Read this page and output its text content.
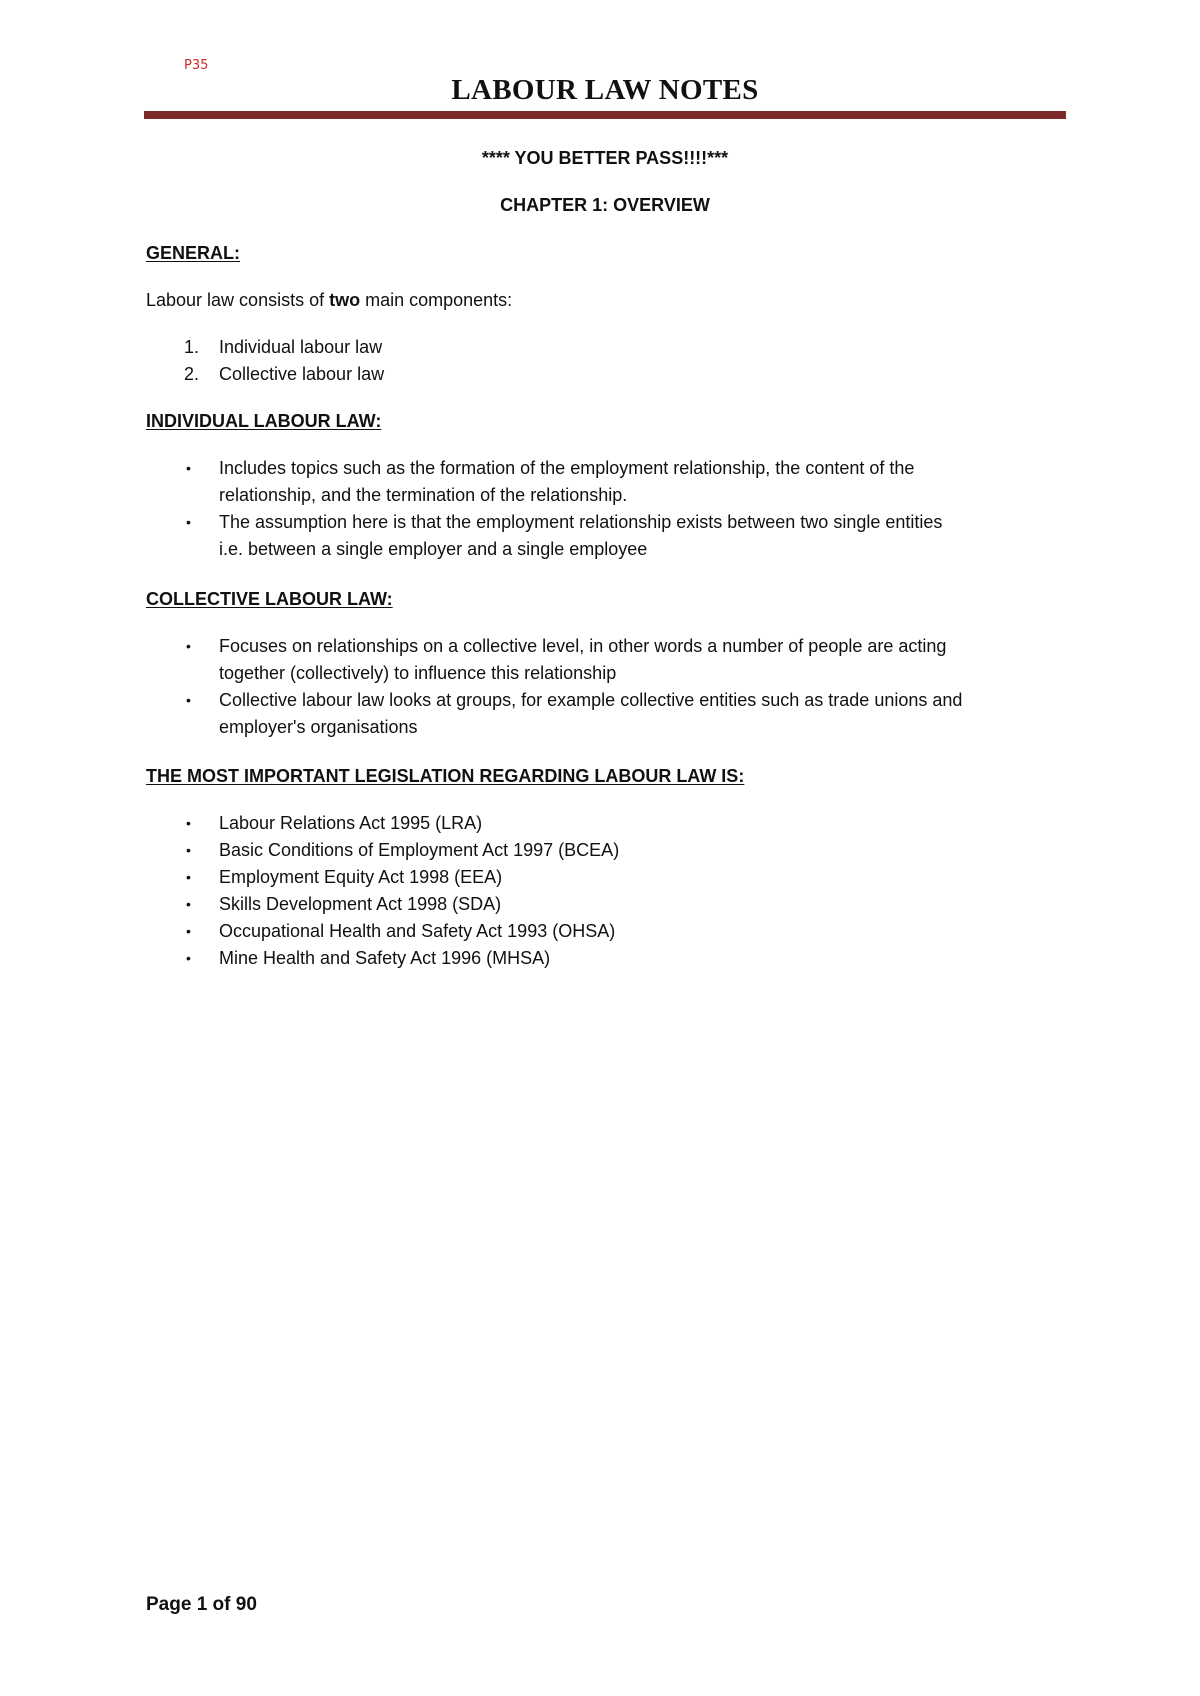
P35
LABOUR LAW NOTES
**** YOU BETTER PASS!!!!***
CHAPTER 1: OVERVIEW
GENERAL:
Labour law consists of two main components:
1. Individual labour law
2. Collective labour law
INDIVIDUAL LABOUR LAW:
• Includes topics such as the formation of the employment relationship, the content of the
relationship, and the termination of the relationship.
• The assumption here is that the employment relationship exists between two single entities
i.e. between a single employer and a single employee
COLLECTIVE LABOUR LAW:
• Focuses on relationships on a collective level, in other words a number of people are acting
together (collectively) to influence this relationship
• Collective labour law looks at groups, for example collective entities such as trade unions and
employer's organisations
THE MOST IMPORTANT LEGISLATION REGARDING LABOUR LAW IS:
• Labour Relations Act 1995 (LRA)
• Basic Conditions of Employment Act 1997 (BCEA)
• Employment Equity Act 1998 (EEA)
• Skills Development Act 1998 (SDA)
• Occupational Health and Safety Act 1993 (OHSA)
• Mine Health and Safety Act 1996 (MHSA)
Page 1 of 90
